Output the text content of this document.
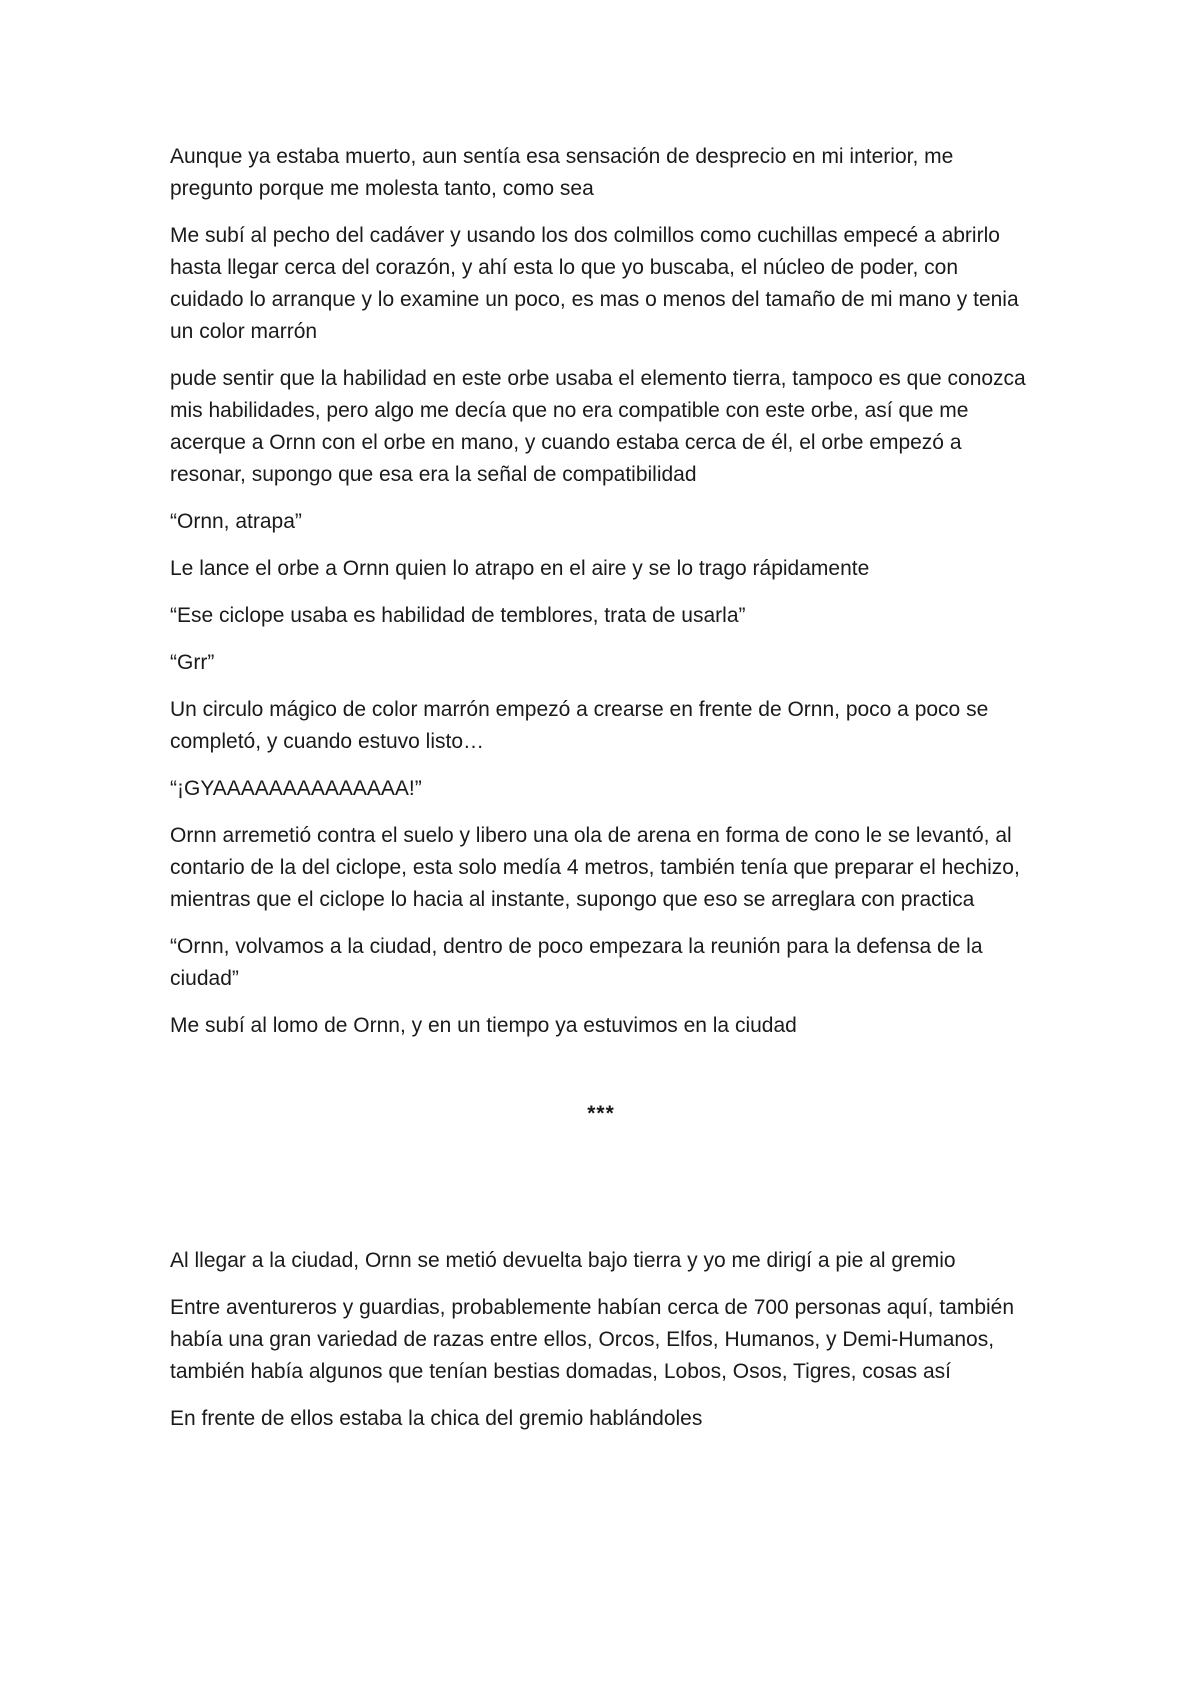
Aunque ya estaba muerto, aun sentía esa sensación de desprecio en mi interior, me pregunto porque me molesta tanto, como sea

Me subí al pecho del cadáver y usando los dos colmillos como cuchillas empecé a abrirlo hasta llegar cerca del corazón, y ahí esta lo que yo buscaba, el núcleo de poder, con cuidado lo arranque y lo examine un poco, es mas o menos del tamaño de mi mano y tenia un color marrón

pude sentir que la habilidad en este orbe usaba el elemento tierra, tampoco es que conozca mis habilidades, pero algo me decía que no era compatible con este orbe, así que me acerque a Ornn con el orbe en mano, y cuando estaba cerca de él, el orbe empezó a resonar, supongo que esa era la señal de compatibilidad

“Ornn, atrapa”

Le lance el orbe a Ornn quien lo atrapo en el aire y se lo trago rápidamente

“Ese ciclope usaba es habilidad de temblores, trata de usarla”

“Grr”

Un circulo mágico de color marrón empezó a crearse en frente de Ornn, poco a poco se completó, y cuando estuvo listo…

“¡GYAAAAAAAAAAAAAA!”

Ornn arremetió contra el suelo y libero una ola de arena en forma de cono le se levantó, al contario de la del ciclope, esta solo medía 4 metros, también tenía que preparar el hechizo, mientras que el ciclope lo hacia al instante, supongo que eso se arreglara con practica

“Ornn, volvamos a la ciudad, dentro de poco empezara la reunión para la defensa de la ciudad”

Me subí al lomo de Ornn, y en un tiempo ya estuvimos en la ciudad

***

Al llegar a la ciudad, Ornn se metió devuelta bajo tierra y yo me dirigí a pie al gremio

Entre aventureros y guardias, probablemente habían cerca de 700 personas aquí, también había una gran variedad de razas entre ellos, Orcos, Elfos, Humanos, y Demi-Humanos, también había algunos que tenían bestias domadas, Lobos, Osos, Tigres, cosas así

En frente de ellos estaba la chica del gremio hablándoles
